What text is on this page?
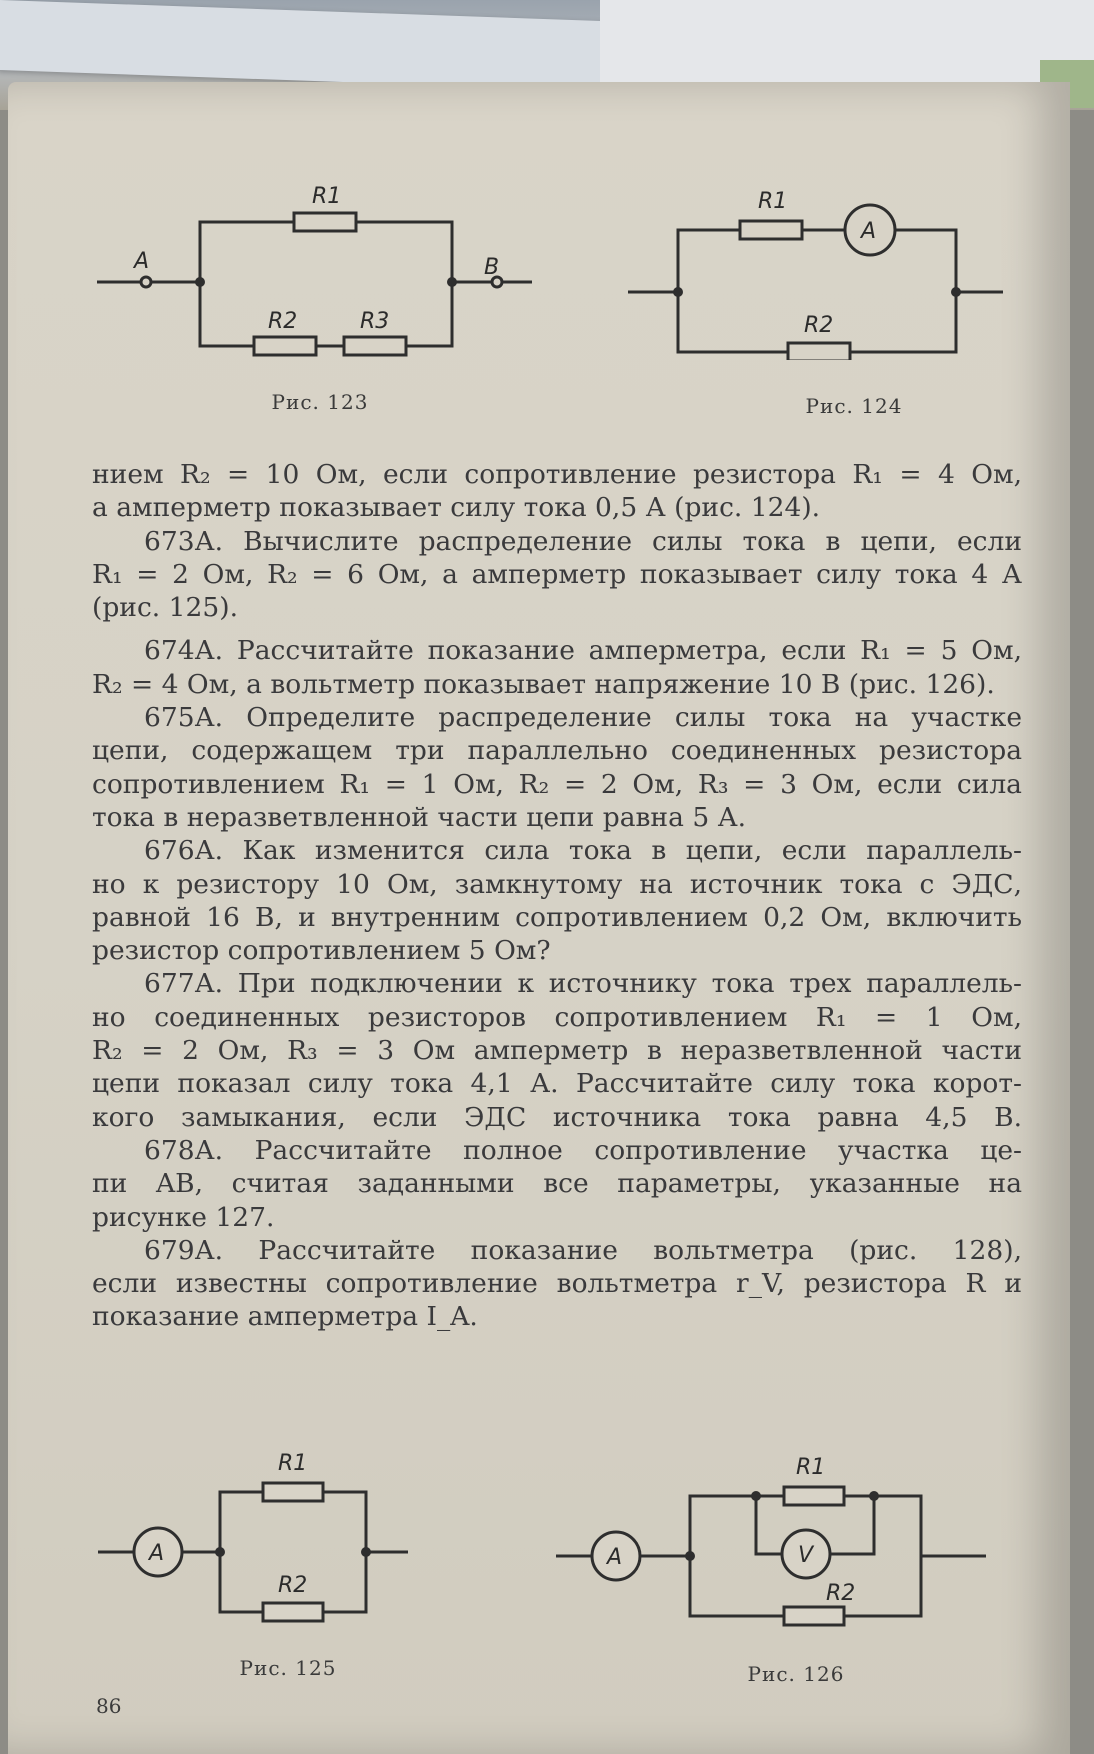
R1
R2	R3
A	B
Рис. 123
R1
R2
A
Рис. 124

нием R₂ = 10 Ом, если сопротивление резистора R₁ = 4 Ом,

а амперметр показывает силу тока 0,5 А (рис. 124).

673А. Вычислите распределение силы тока в цепи, если

R₁ = 2 Ом, R₂ = 6 Ом, а амперметр показывает силу тока 4 А

(рис. 125).

674А. Рассчитайте показание амперметра, если R₁ = 5 Ом,

R₂ = 4 Ом, а вольтметр показывает напряжение 10 В (рис. 126).

675А. Определите распределение силы тока на участке

цепи, содержащем три параллельно соединенных резистора

сопротивлением R₁ = 1 Ом, R₂ = 2 Ом, R₃ = 3 Ом, если сила

тока в неразветвленной части цепи равна 5 А.

676А. Как изменится сила тока в цепи, если параллель-

но к резистору 10 Ом, замкнутому на источник тока с ЭДС,

равной 16 В, и внутренним сопротивлением 0,2 Ом, включить

резистор сопротивлением 5 Ом?

677А. При подключении к источнику тока трех параллель-

но соединенных резисторов сопротивлением R₁ = 1 Ом,

R₂ = 2 Ом, R₃ = 3 Ом амперметр в неразветвленной части

цепи показал силу тока 4,1 А. Рассчитайте силу тока корот-

кого замыкания, если ЭДС источника тока равна 4,5 В.

678А. Рассчитайте полное сопротивление участка це-

пи AB, считая заданными все параметры, указанные на

рисунке 127.

679А. Рассчитайте показание вольтметра (рис. 128),

если известны сопротивление вольтметра r_V, резистора R и

показание амперметра I_A.

R1
R2
A
Рис. 125
R1
R2
A	V
Рис. 126
86
